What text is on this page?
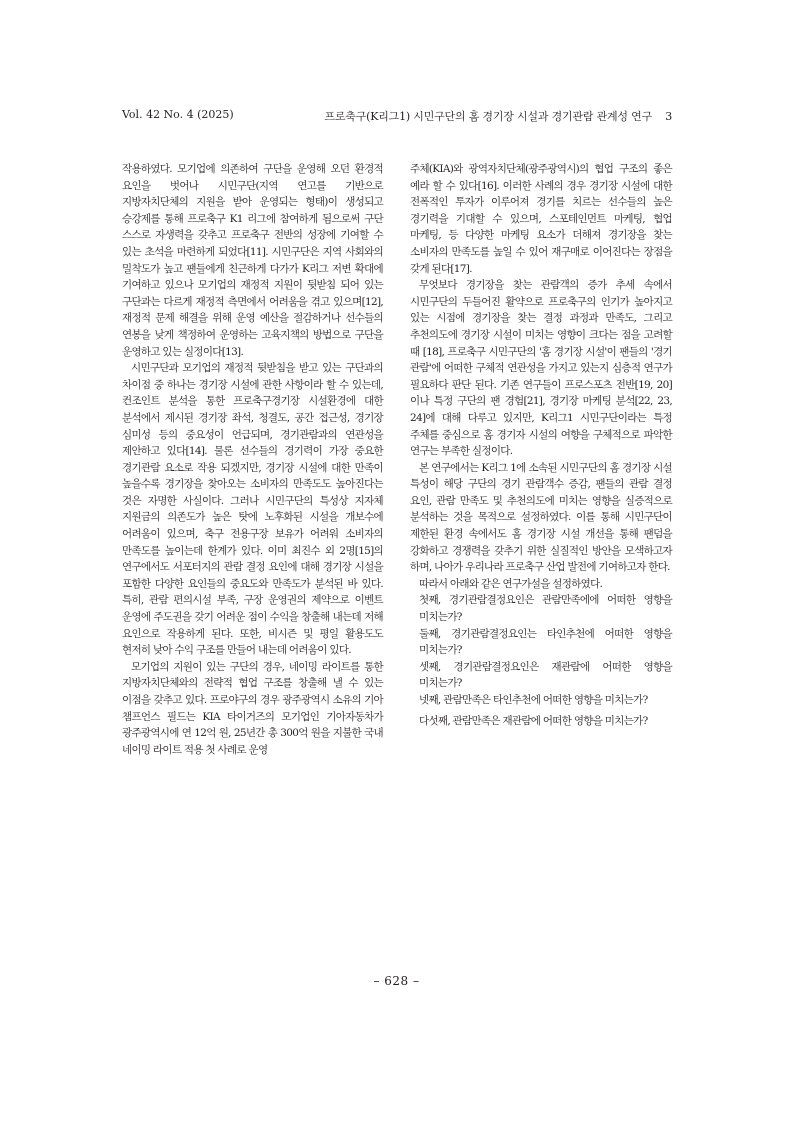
Vol. 42 No. 4 (2025)	프로축구(K리그1) 시민구단의 홈 경기장 시설과 경기관람 관계성 연구 3

작용하였다. 모기업에 의존하여 구단을 운영해 오던 환경적 요인을 벗어나 시민구단(지역 연고를 기반으로 지방자치단체의 지원을 받아 운영되는 형태)이 생성되고 승강제를 통해 프로축구 K1 리그에 참여하게 됨으로써 구단 스스로 자생력을 갖추고 프로축구 전반의 성장에 기여할 수 있는 초석을 마련하게 되었다[11]. 시민구단은 지역 사회와의 밀착도가 높고 팬들에게 친근하게 다가가 K리그 저변 확대에 기여하고 있으나 모기업의 재정적 지원이 뒷받침 되어 있는 구단과는 다르게 재정적 측면에서 어려움을 겪고 있으며[12], 재정적 문제 해결을 위해 운영 예산을 절감하거나 선수들의 연봉을 낮게 책정하여 운영하는 고육지책의 방법으로 구단을 운영하고 있는 실정이다[13].

시민구단과 모기업의 재정적 뒷받침을 받고 있는 구단과의 차이점 중 하나는 경기장 시설에 관한 사항이라 할 수 있는데, 컨조인트 분석을 통한 프로축구경기장 시설환경에 대한 분석에서 제시된 경기장 좌석, 청결도, 공간 접근성, 경기장 심미성 등의 중요성이 언급되며, 경기관람과의 연관성을 제안하고 있다[14]. 물론 선수들의 경기력이 가장 중요한 경기관람 요소로 작용 되겠지만, 경기장 시설에 대한 만족이 높을수록 경기장을 찾아오는 소비자의 만족도도 높아진다는 것은 자명한 사실이다. 그러나 시민구단의 특성상 지자체 지원금의 의존도가 높은 탓에 노후화된 시설을 개보수에 어려움이 있으며, 축구 전용구장 보유가 어려워 소비자의 만족도를 높이는데 한계가 있다. 이미 최진수 외 2명[15]의 연구에서도 서포터지의 관람 결정 요인에 대해 경기장 시설을 포함한 다양한 요인들의 중요도와 만족도가 분석된 바 있다. 특히, 관람 편의시설 부족, 구장 운영권의 제약으로 이벤트 운영에 주도권을 갖기 어려운 점이 수익을 창출해 내는데 저해 요인으로 작용하게 된다. 또한, 비시즌 및 평일 활용도도 현저히 낮아 수익 구조를 만들어 내는데 어려움이 있다.

모기업의 지원이 있는 구단의 경우, 네이밍 라이트를 통한 지방자치단체와의 전략적 협업 구조를 창출해 낼 수 있는 이점을 갖추고 있다. 프로야구의 경우 광주광역시 소유의 기아 챔프언스 필드는 KIA 타이거즈의 모기업인 기아자동차가 광주광역시에 연 12억 원, 25년간 총 300억 원을 지불한 국내 네이밍 라이트 적용 첫 사례로 운영

주체(KIA)와 광역자치단체(광주광역시)의 협업 구조의 좋은 예라 할 수 있다[16]. 이러한 사례의 경우 경기장 시설에 대한 전폭적인 투자가 이루어져 경기를 치르는 선수들의 높은 경기력을 기대할 수 있으며, 스포테인먼트 마케팅, 협업 마케팅, 등 다양한 마케팅 요소가 더해져 경기장을 찾는 소비자의 만족도를 높일 수 있어 재구매로 이어진다는 장점을 갖게 된다[17].

무엇보다 경기장을 찾는 관람객의 증가 추세 속에서 시민구단의 두들어진 활약으로 프로축구의 인기가 높아지고 있는 시점에 경기장을 찾는 결정 과정과 만족도, 그리고 추천의도에 경기장 시설이 미치는 영향이 크다는 점을 고려할 때 [18], 프로축구 시민구단의 '홈 경기장 시설'이 팬들의 '경기 관람'에 어떠한 구체적 연관성을 가지고 있는지 심층적 연구가 필요하다 판단 된다. 기존 연구들이 프로스포츠 전반[19, 20]이나 특정 구단의 팬 경험[21], 경기장 마케팅 분석[22, 23, 24]에 대해 다루고 있지만, K리그1 시민구단이라는 특정 주체를 중심으로 홈 경기자 시설의 여향을 구체적으로 파악한 연구는 부족한 실정이다.

본 연구에서는 K리그 1에 소속된 시민구단의 홈 경기장 시설 특성이 해당 구단의 경기 관람객수 증감, 팬들의 관람 결정 요인, 관람 만족도 및 추천의도에 미치는 영향을 실증적으로 분석하는 것을 목적으로 설정하였다. 이를 통해 시민구단이 제한된 환경 속에서도 홈 경기장 시설 개선을 통해 팬덤을 강화하고 경쟁력을 갖추기 위한 실질적인 방안을 모색하고자 하며, 나아가 우리나라 프로축구 산업 발전에 기여하고자 한다.

따라서 아래와 같은 연구가설을 설정하였다.

첫째, 경기관람결정요인은 관람만족에에 어떠한 영향을 미치는가?

둘째, 경기관람결정요인는 타인추천에 어떠한 영향을 미치는가?

셋째, 경기관람결정요인은 재관람에 어떠한 영향을 미치는가?

넷째, 관람만족은 타인추천에 어떠한 영향을 미치는가?

다섯째, 관람만족은 재관람에 어떠한 영향을 미치는가?

– 628 –
